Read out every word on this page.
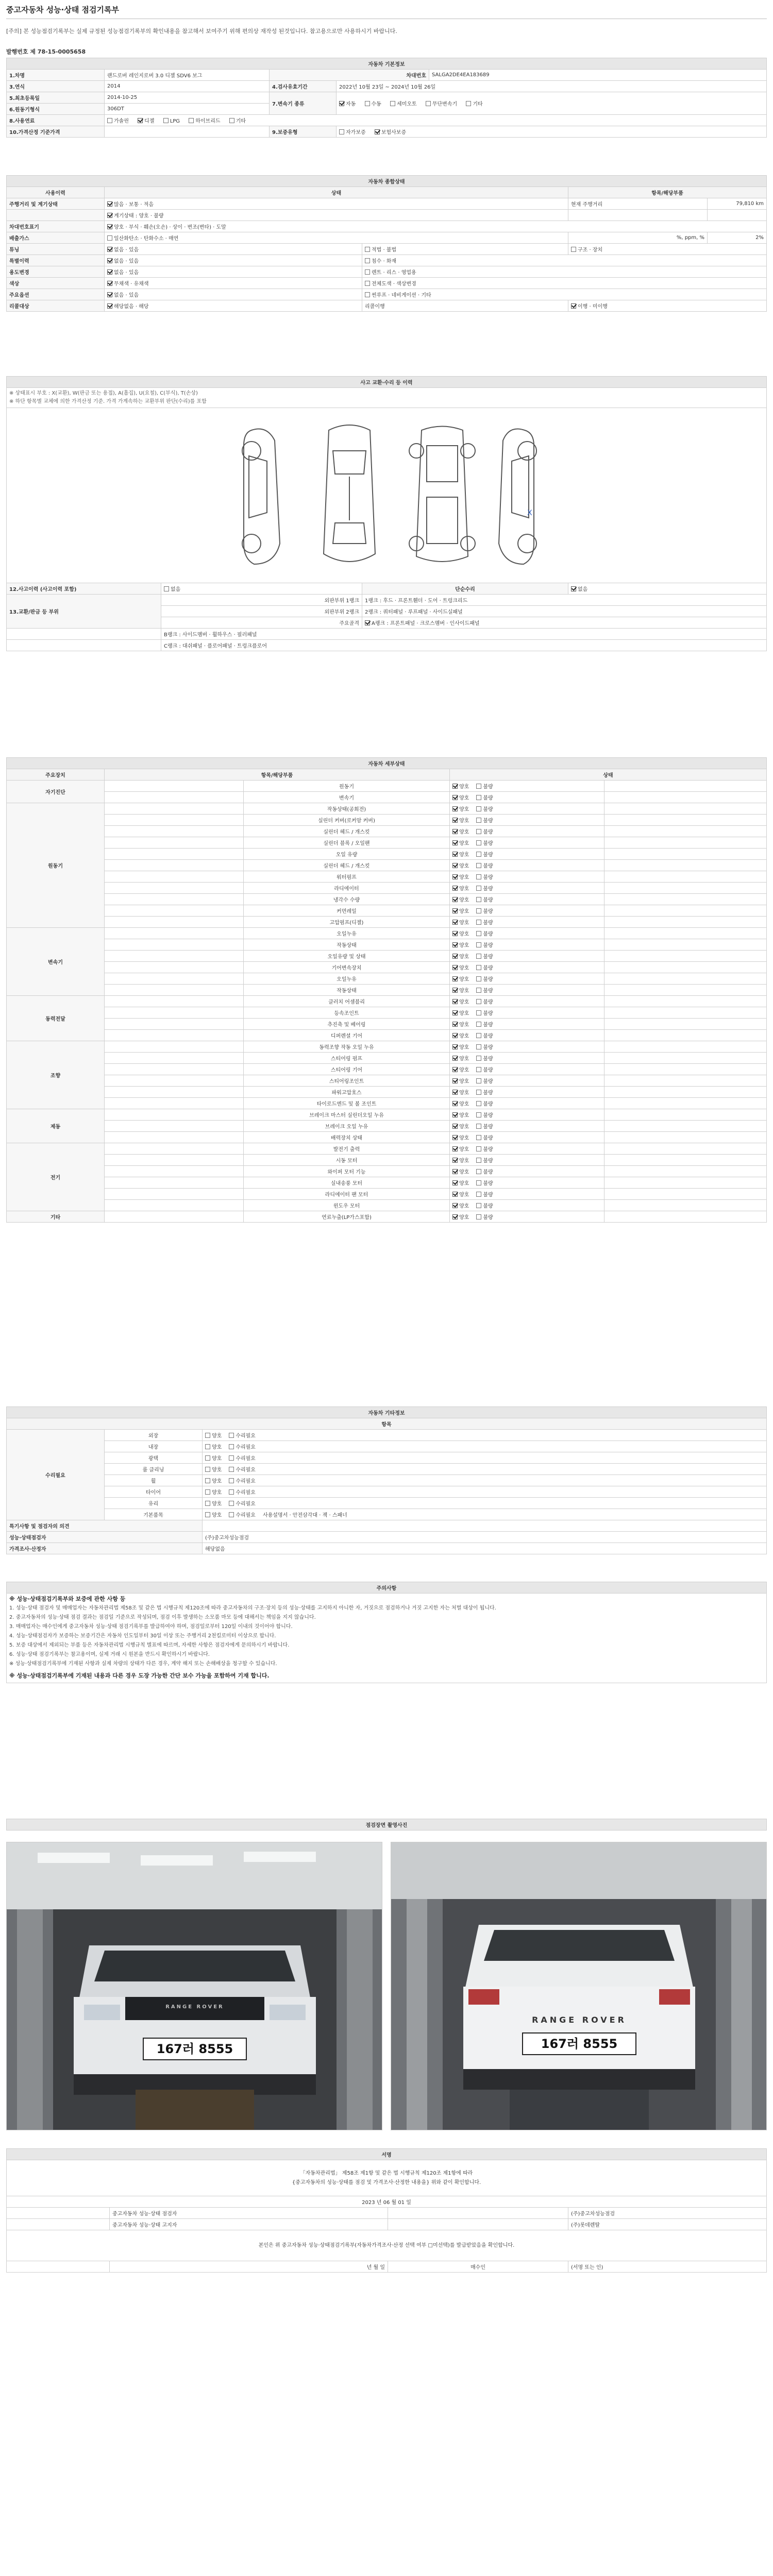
중고자동차 성능·상태 점검기록부
[주의] 본 성능점검기록부는 실제 규정된 성능점검기록부의 확인내용을 참고해서 보여주기 위해 편의상 재작성 된것입니다. 참고용으로만 사용하시기 바랍니다.
발행번호 제 78-15-0005658
자동차 기본정보				
1.차명	랜드로버 레인지로버 3.0 디젤 SDV6 보그	차대번호		SALGA2DE4EA183689
3.연식	2014	4.검사유효기간	2022년 10월 23일 ~ 2024년 10월 26일	
5.최초등록일	2014-10-25	7.변속기 종류	자동 수동 세미오토 무단변속기 기타	
6.원동기형식	306DT			
8.사용연료	가솔린 디젤 LPG 하이브리드 기타			
10.가격산정 기준가격		9.보증유형	자가보증 보험사보증	
자동차 종합상태				
사용이력	상태		항목/해당부품	
주행거리 및 계기상태	많음 · 보통 · 적음		현재 주행거리	79,810 km
	계기상태 : 양호 · 불량			
차대번호표기	양호 · 부식 · 훼손(오손) · 상이 · 변조(변타) · 도말			
배출가스	일산화탄소 · 탄화수소 · 매연		%, ppm, %	2%
튜닝	없음 · 있음	적법 · 불법	구조 · 장치	
특별이력	없음 · 있음	침수 · 화재		
용도변경	없음 · 있음	렌트 · 리스 · 영업용		
색상	무채색 · 유채색	전체도색 · 색상변경		
주요옵션	없음 · 있음	썬루프 · 네비게이션 · 기타		
리콜대상	해당없음 · 해당	리콜이행	이행 · 미이행	
사고 교환·수리 등 이력			

※ 상태표시 부호 : X(교환), W(판금 또는 용접), A(흠집), U(요철), C(부식), T(손상)
※ 하단 항목별 교체에 의한 가격산정 기준. 가격 가계속하는 교환부위 판단(수리)를 포함			

X			

12.사고이력 (사고이력 포함)	없음	단순수리	없음
13.교환/판금 등 부위	외판부위 1랭크	1랭크 : 후드 · 프론트휀더 · 도어 · 트렁크리드	
	외판부위 2랭크	2랭크 : 쿼터패널 · 루프패널 · 사이드실패널	
	주요골격	A랭크 : 프론트패널 · 크로스멤버 · 인사이드패널	
	B랭크 : 사이드멤버 · 휠하우스 · 필러패널		
	C랭크 : 대쉬패널 · 플로어패널 · 트렁크플로어		
자동차 세부상태				
주요장치	항목/해당부품		상태	
자기진단		원동기	양호 불량	
		변속기	양호 불량	
원동기		작동상태(공회전)	양호 불량	
		실린더 커버(로커암 커버)	양호 불량	
		실린더 헤드 / 개스킷	양호 불량	
		실린더 블록 / 오일팬	양호 불량	
		오일 유량	양호 불량	
		실린더 헤드 / 개스킷	양호 불량	
		워터펌프	양호 불량	
		라디에이터	양호 불량	
		냉각수 수량	양호 불량	
		커먼레일	양호 불량	
		고압펌프(디젤)	양호 불량	
변속기		오일누유	양호 불량	
		작동상태	양호 불량	
		오일유량 및 상태	양호 불량	
		기어변속장치	양호 불량	
		오일누유	양호 불량	
		작동상태	양호 불량	
동력전달		클러치 어셈블리	양호 불량	
		등속조인트	양호 불량	
		추진축 및 베어링	양호 불량	
		디퍼렌셜 기어	양호 불량	
조향		동력조향 작동 오일 누유	양호 불량	
		스티어링 펌프	양호 불량	
		스티어링 기어	양호 불량	
		스티어링조인트	양호 불량	
		파워고압호스	양호 불량	
		타이로드엔드 및 볼 조인트	양호 불량	
제동		브레이크 마스터 실린더오일 누유	양호 불량	
		브레이크 오일 누유	양호 불량	
		배력장치 상태	양호 불량	
전기		발전기 출력	양호 불량	
		시동 모터	양호 불량	
		와이퍼 모터 기능	양호 불량	
		실내송풍 모터	양호 불량	
		라디에이터 팬 모터	양호 불량	
		윈도우 모터	양호 불량	
기타		연료누출(LP가스포함)	양호 불량	
자동차 기타정보		
항목		
수리필요	외장	양호 수리필요
	내장	양호 수리필요
	광택	양호 수리필요
	룸 클리닝	양호 수리필요
	휠	양호 수리필요
	타이어	양호 수리필요
	유리	양호 수리필요
	기본품목	양호 수리필요 사용설명서 · 안전삼각대 · 잭 · 스패너
특기사항 및 점검자의 의견		
성능·상태점검자		(주)중고차성능점검
가격조사·산정자		해당없음
주의사항

※ 성능·상태점검기록부와 보증에 관한 사항 등

1. 성능·상태 점검자 및 매매업자는 자동차관리법 제58조 및 같은 법 시행규칙 제120조에 따라 중고자동차의 구조·장치 등의 성능·상태를 고지하지 아니한 자, 거짓으로 점검하거나 거짓 고지한 자는 처벌 대상이 됩니다.

2. 중고자동차의 성능·상태 점검 결과는 점검일 기준으로 작성되며, 점검 이후 발생하는 소모품 마모 등에 대해서는 책임을 지지 않습니다.

3. 매매업자는 매수인에게 중고자동차 성능·상태 점검기록부를 발급하여야 하며, 점검일로부터 120일 이내의 것이어야 합니다.

4. 성능·상태점검자가 보증하는 보증기간은 자동차 인도일부터 30일 이상 또는 주행거리 2천킬로미터 이상으로 합니다.

5. 보증 대상에서 제외되는 부품 등은 자동차관리법 시행규칙 별표에 따르며, 자세한 사항은 점검자에게 문의하시기 바랍니다.

6. 성능·상태 점검기록부는 참고용이며, 실제 거래 시 원본을 반드시 확인하시기 바랍니다.

※ 성능·상태점검기록부에 기재된 사항과 실제 차량의 상태가 다른 경우, 계약 해지 또는 손해배상을 청구할 수 있습니다.

※ 성능·상태점검기록부에 기재된 내용과 다른 경우 도장 가능한 간단 보수 가능을 포함하여 기재 합니다.

점검장면 촬영사진
167러 8555
RANGE ROVER
167러 8555
RANGE ROVER
서명			

「자동차관리법」 제58조 제1항 및 같은 법 시행규칙 제120조 제1항에 따라
{중고자동차의 성능·상태를 점검 및 가격조사·산정한 내용을} 위와 같이 확인합니다.			

2023 년 06 월 01 일			
	중고자동차 성능·상태 점검자		(주)중고차성능점검
	중고자동차 성능·상태 고지자		(주)롯데렌탈
본인은 위 중고자동차 성능·상태점검기록부(자동차가격조사·산정 선택 여부 □미선택)를 발급받았음을 확인합니다.			
	년 월 일	매수인	(서명 또는 인)
